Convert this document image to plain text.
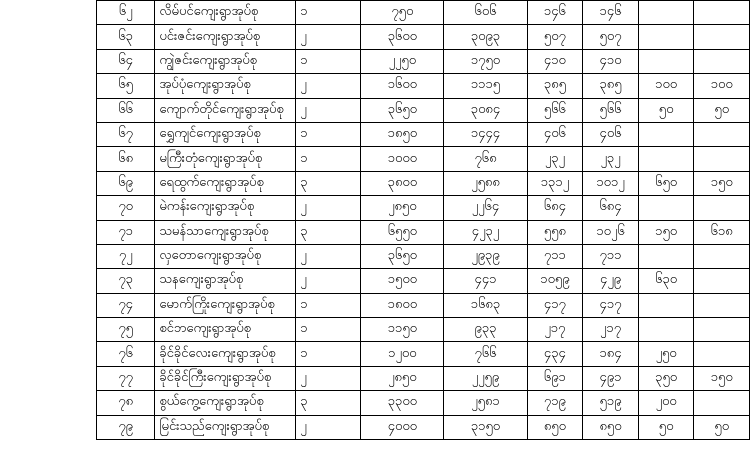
၆၂	လိမ်ပင်ကျေးရွာအုပ်စု	၁	၇၅၀	၆၀၆	၁၄၆	၁၄၆		
၆၃	ပင်းဇင်းကျေးရွာအုပ်စု	၂	၃၆၀၀	၃၀၉၃	၅၀၇	၅၀၇		
၆၄	ကျွဲဇင်းကျေးရွာအုပ်စု	၁	၂၂၅၀	၁၇၅၀	၄၁၀	၄၁၀		
၆၅	အုပ်ပုံကျေးရွာအုပ်စု	၂	၁၆၀၀	၁၁၁၅	၃၈၅	၃၈၅	၁၀၀	၁၀၀
၆၆	ကျောက်တိုင်ကျေးရွာအုပ်စု	၂	၃၆၅၀	၃၀၈၄	၅၆၆	၅၆၆	၅၀	၅၀
၆၇	ရွှေကျင်ကျေးရွာအုပ်စု	၁	၁၈၅၀	၁၄၄၄	၄၀၆	၄၀၆		
၆၈	မကြီးတုံကျေးရွာအုပ်စု	၁	၁၀၀၀	၇၆၈	၂၃၂	၂၃၂		
၆၉	ရေထွက်ကျေးရွာအုပ်စု	၃	၃၈၀၀	၂၅၈၈	၁၃၁၂	၁၀၁၂	၆၅၀	၁၅၀
၇၀	မဲကန်းကျေးရွာအုပ်စု	၂	၂၈၅၀	၂၂၆၄	၆၈၄	၆၈၄		
၇၁	သမန်သာကျေးရွာအုပ်စု	၃	၆၅၅၀	၄၂၃၂	၅၅၈	၁၀၂၆	၁၅၀	၆၁၈
၇၂	လှတောကျေးရွာအုပ်စု	၂	၃၆၅၀	၂၉၃၉	၇၁၁	၇၁၁		
၇၃	သနကျေးရွာအုပ်စု	၂	၁၅၀၀	၄၄၁	၁၀၅၉	၄၂၉	၆၃၀	
၇၄	မောက်ကြိုးကျေးရွာအုပ်စု	၁	၁၈၀၀	၁၆၈၃	၄၁၇	၄၁၇		
၇၅	စင်ဘကျေးရွာအုပ်စု	၁	၁၁၅၀	၉၃၃	၂၁၇	၂၁၇		
၇၆	ခိုင်ခိုင်လေးကျေးရွာအုပ်စု	၁	၁၂၀၀	၇၆၆	၄၃၄	၁၈၄	၂၅၀	
၇၇	ခိုင်ခိုင်ကြီးကျေးရွာအုပ်စု	၂	၂၈၅၀	၂၂၅၉	၆၉၁	၄၉၁	၃၅၀	၁၅၀
၇၈	စွယ်ကွေ့ကျေးရွာအုပ်စု	၃	၃၃၀၀	၂၅၈၁	၇၁၉	၅၁၉	၂၀၀	
၇၉	မြင်းသည်ကျေးရွာအုပ်စု	၂	၄၀၀၀	၃၁၅၀	၈၅၀	၈၅၀	၅၀	၅၀
